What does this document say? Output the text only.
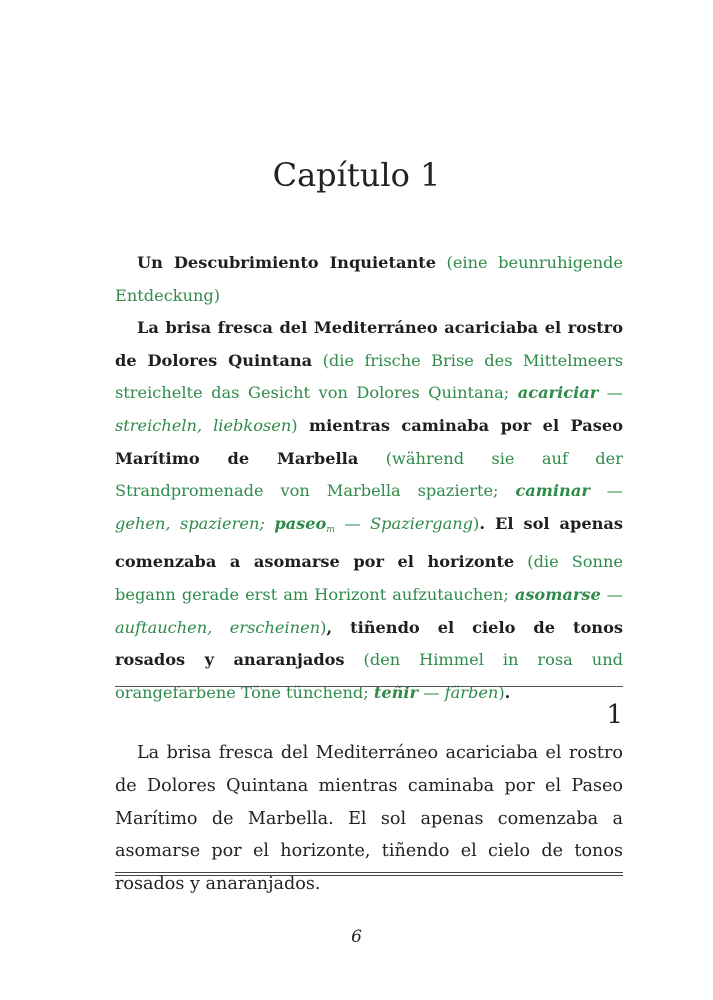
Capítulo 1

Un Descubrimiento Inquietante (eine beunruhigende Entdeckung)

La brisa fresca del Mediterráneo acariciaba el rostro de Dolores Quintana (die frische Brise des Mittelmeers streichelte das Gesicht von Dolores Quintana; acariciar — streicheln, liebkosen) mientras caminaba por el Paseo Marítimo de Marbella (während sie auf der Strandpromenade von Marbella spazierte; caminar — gehen, spazieren; paseom — Spaziergang). El sol apenas comenzaba a asomarse por el horizonte (die Sonne begann gerade erst am Horizont aufzutauchen; asomarse — auftauchen, erscheinen), tiñendo el cielo de tonos rosados y anaranjados (den Himmel in rosa und orangefarbene Töne tünchend; teñir — färben).

1

La brisa fresca del Mediterráneo acariciaba el rostro de Dolores Quintana mientras caminaba por el Paseo Marítimo de Marbella. El sol apenas comenzaba a asomarse por el horizonte, tiñendo el cielo de tonos rosados y anaranjados.

6
